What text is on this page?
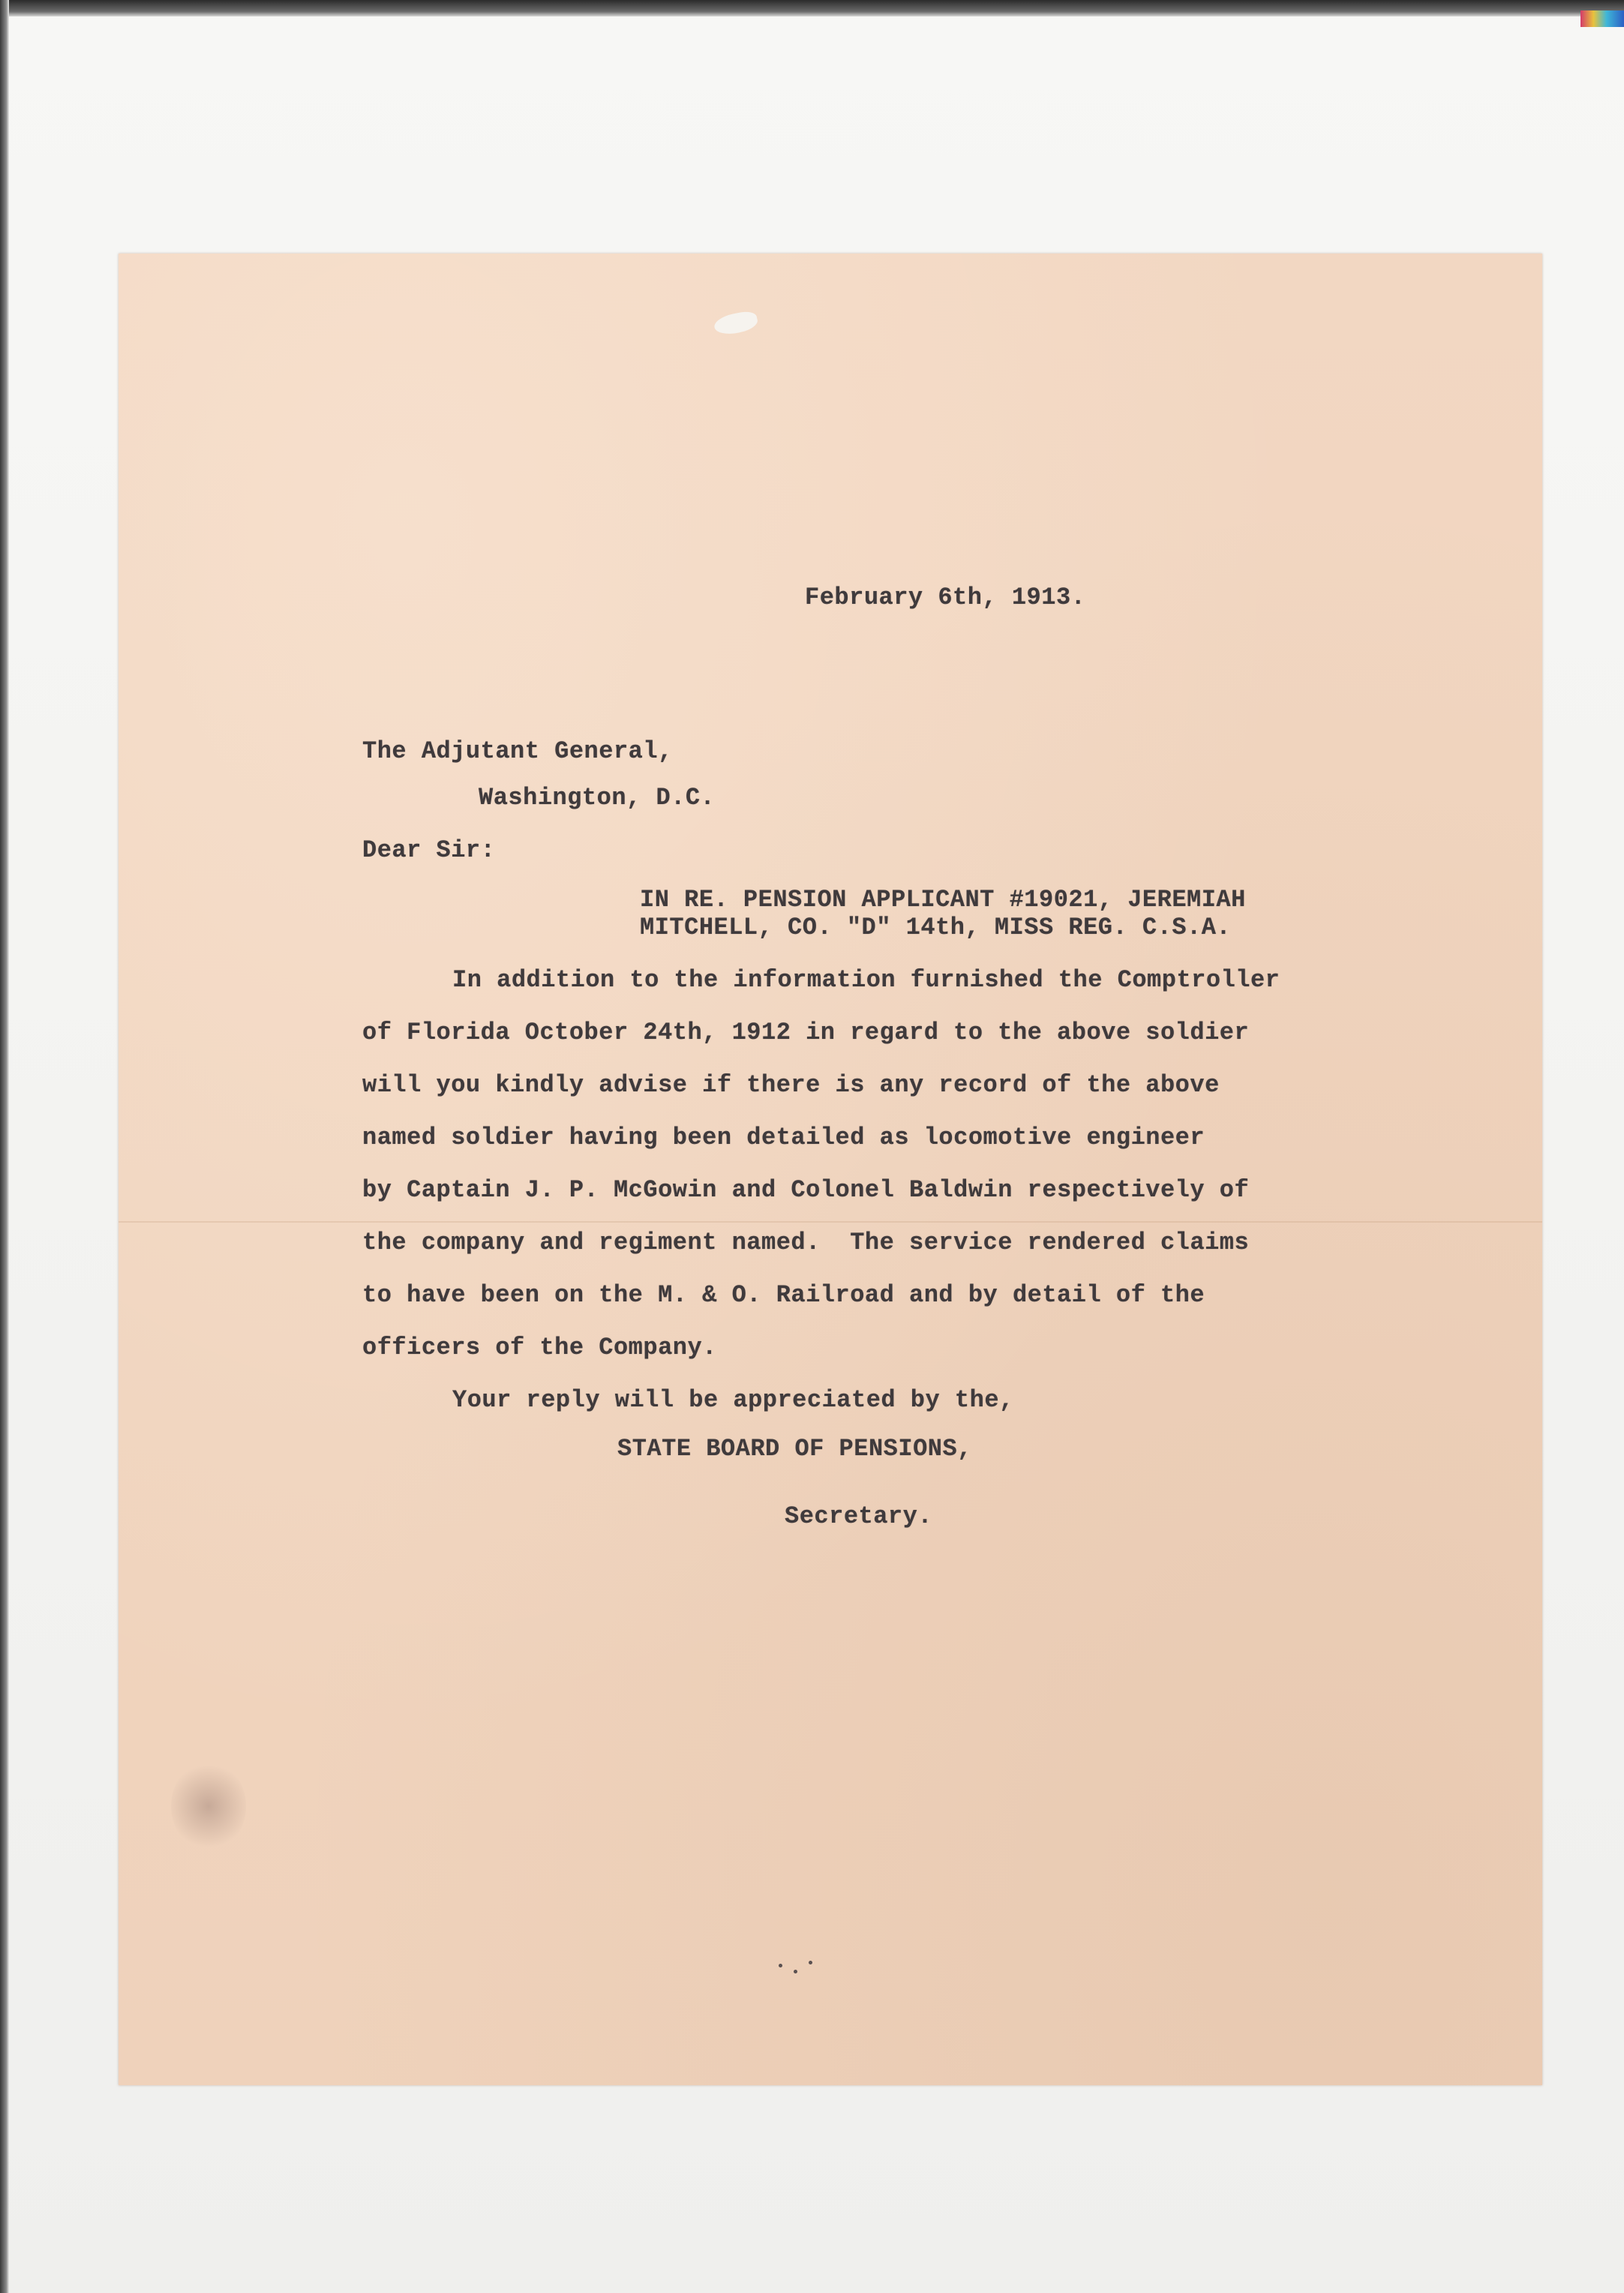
February 6th, 1913.
The Adjutant General,
Washington, D.C.
Dear Sir:
IN RE. PENSION APPLICANT #19021, JEREMIAH
MITCHELL, CO. "D" 14th, MISS REG. C.S.A.
In addition to the information furnished the Comptroller
of Florida October 24th, 1912 in regard to the above soldier
will you kindly advise if there is any record of the above
named soldier having been detailed as locomotive engineer
by Captain J. P. McGowin and Colonel Baldwin respectively of
the company and regiment named.  The service rendered claims
to have been on the M. & O. Railroad and by detail of the
officers of the Company.
Your reply will be appreciated by the,
STATE BOARD OF PENSIONS,
Secretary.
